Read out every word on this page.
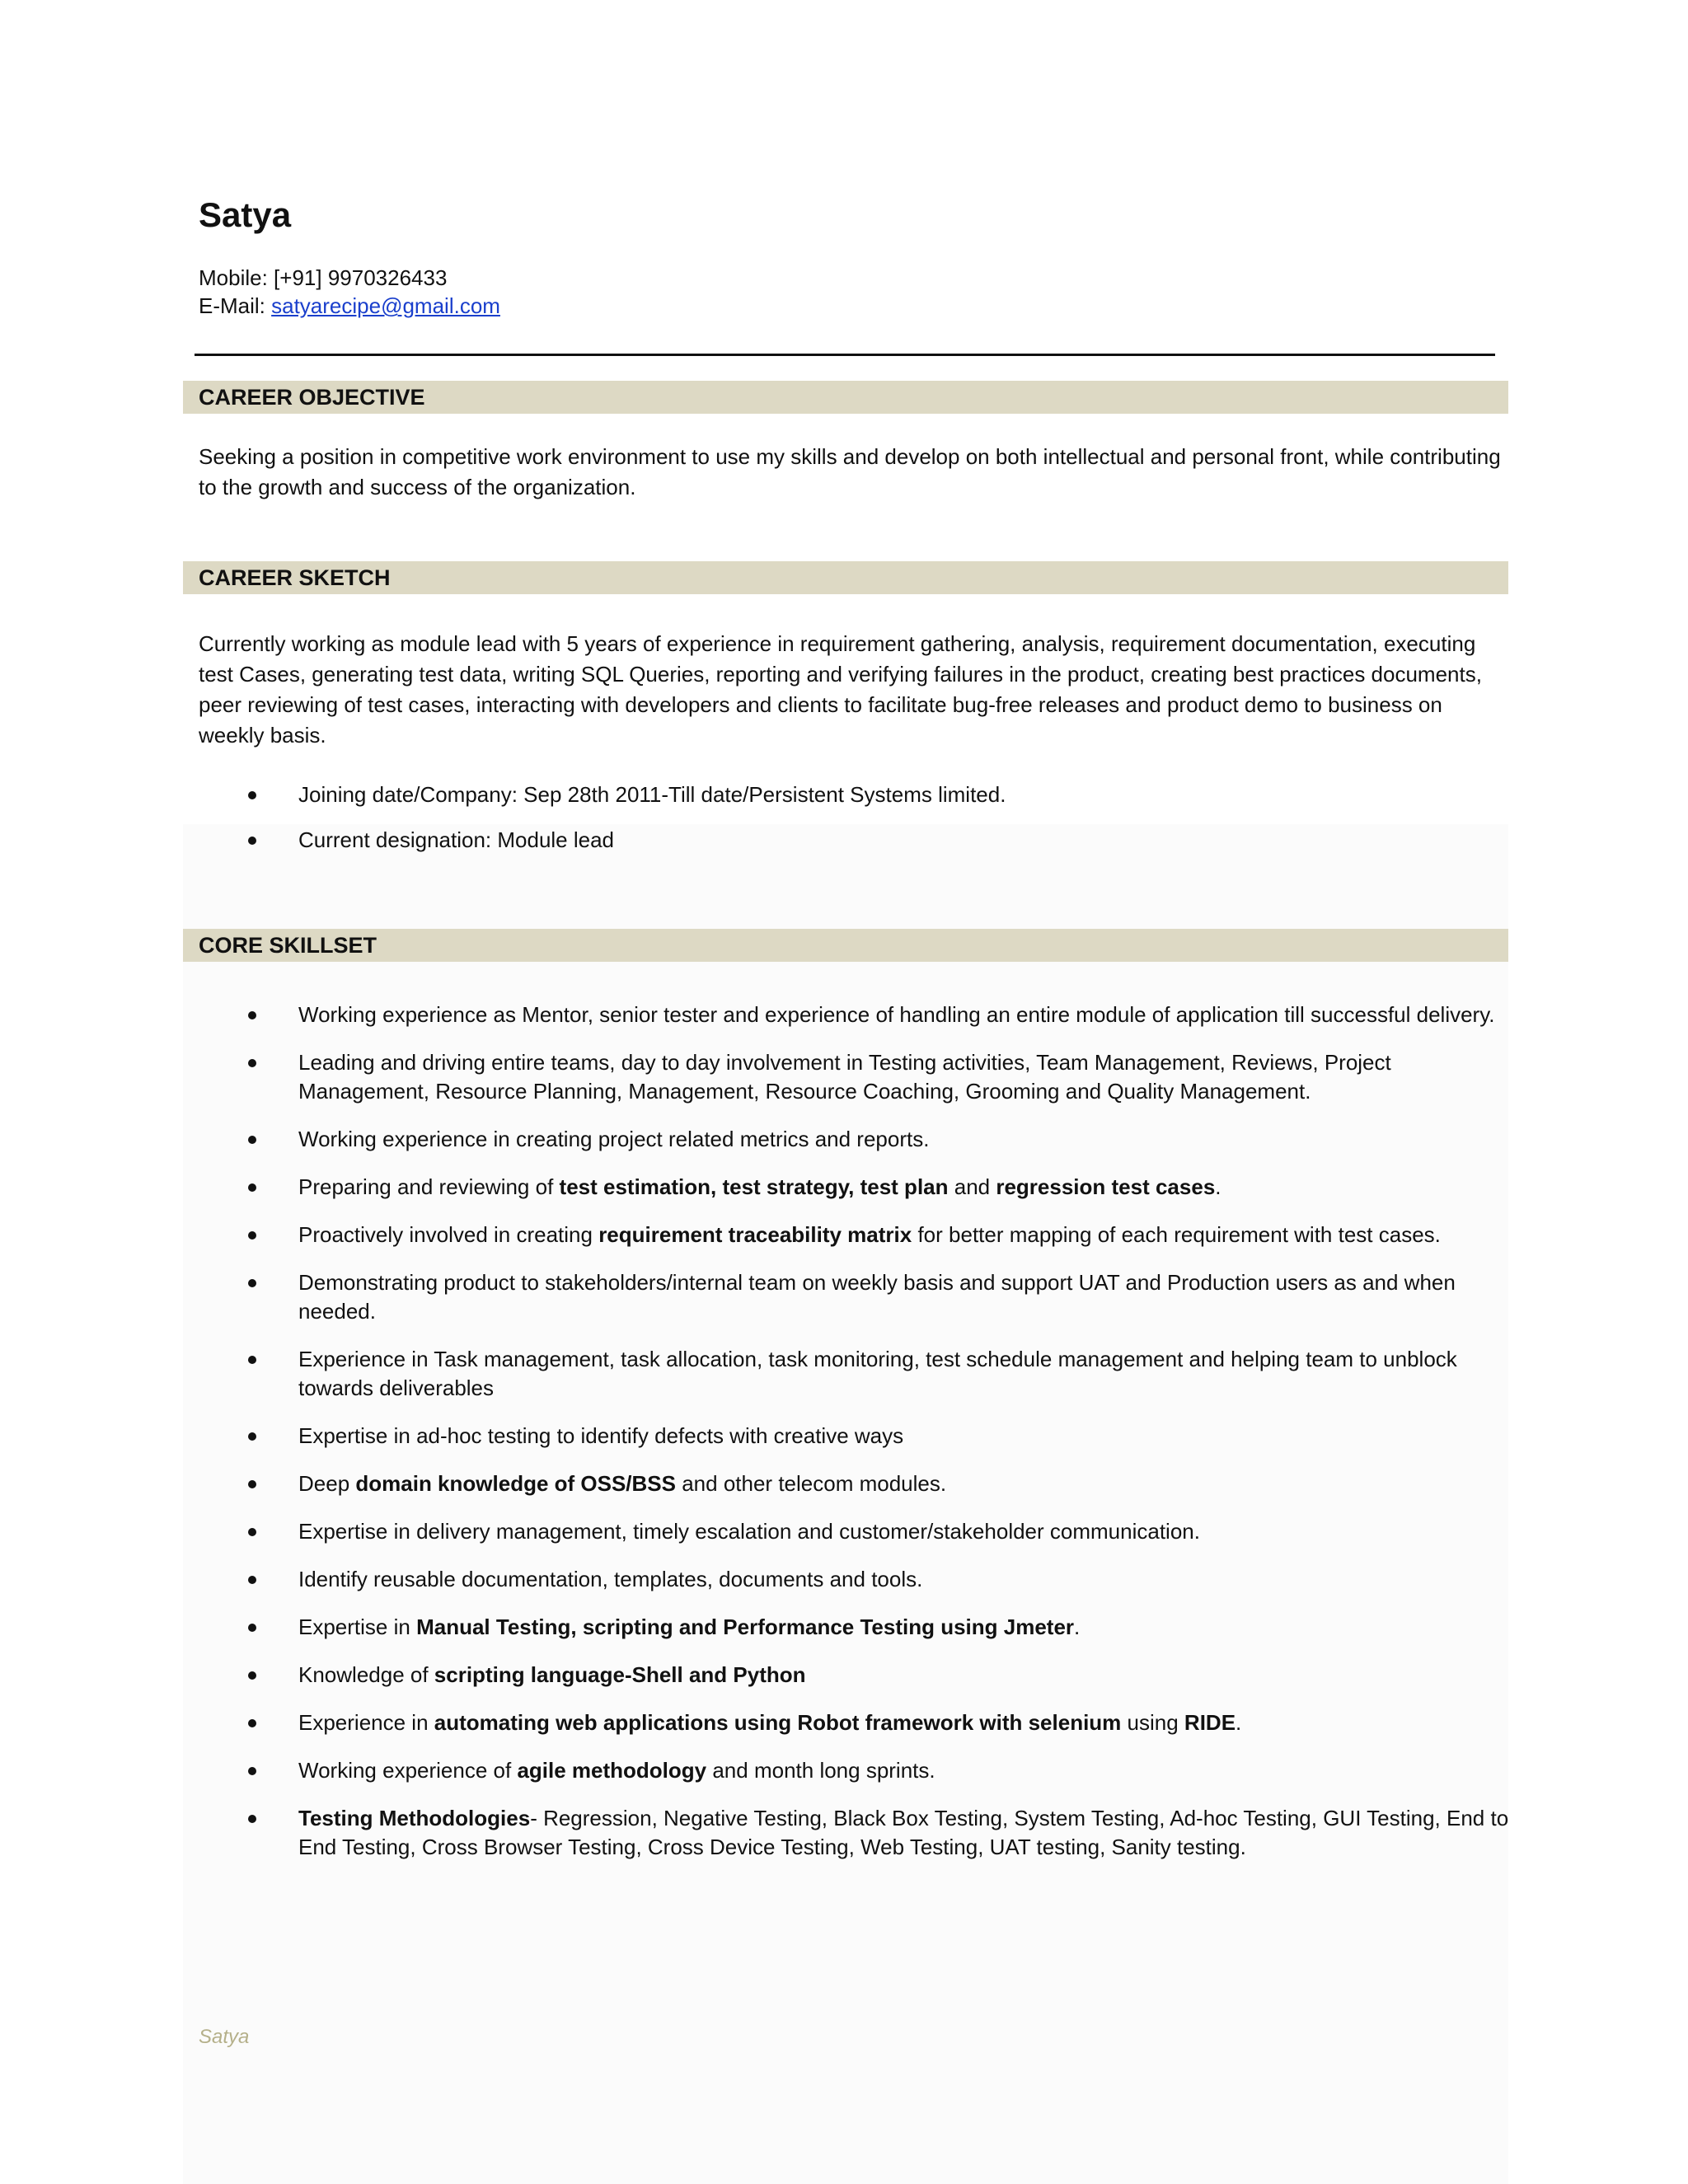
Satya
Mobile: [+91] 9970326433
E-Mail: satyarecipe@gmail.com
CAREER OBJECTIVE

Seeking a position in competitive work environment to use my skills and develop on both intellectual and personal front, while contributing to the growth and success of the organization.

CAREER SKETCH

Currently working as module lead with 5 years of experience in requirement gathering, analysis, requirement documentation, executing test Cases, generating test data, writing SQL Queries, reporting and verifying failures in the product, creating best practices documents, peer reviewing of test cases, interacting with developers and clients to facilitate bug-free releases and product demo to business on weekly basis.

Joining date/Company: Sep 28th 2011-Till date/Persistent Systems limited.
Current designation: Module lead
CORE SKILLSET
Working experience as Mentor, senior tester and experience of handling an entire module of application till successful delivery.
Leading and driving entire teams, day to day involvement in Testing activities, Team Management, Reviews, Project Management, Resource Planning, Management, Resource Coaching, Grooming and Quality Management.
Working experience in creating project related metrics and reports.
Preparing and reviewing of test estimation, test strategy, test plan and regression test cases.
Proactively involved in creating requirement traceability matrix for better mapping of each requirement with test cases.
Demonstrating product to stakeholders/internal team on weekly basis and support UAT and Production users as and when needed.
Experience in Task management, task allocation, task monitoring, test schedule management and helping team to unblock towards deliverables
Expertise in ad-hoc testing to identify defects with creative ways
Deep domain knowledge of OSS/BSS and other telecom modules.
Expertise in delivery management, timely escalation and customer/stakeholder communication.
Identify reusable documentation, templates, documents and tools.
Expertise in Manual Testing, scripting and Performance Testing using Jmeter.
Knowledge of scripting language-Shell and Python
Experience in automating web applications using Robot framework with selenium using RIDE.
Working experience of agile methodology and month long sprints.
Testing Methodologies- Regression, Negative Testing, Black Box Testing, System Testing, Ad-hoc Testing, GUI Testing, End to End Testing, Cross Browser Testing, Cross Device Testing, Web Testing, UAT testing, Sanity testing.
Satya
